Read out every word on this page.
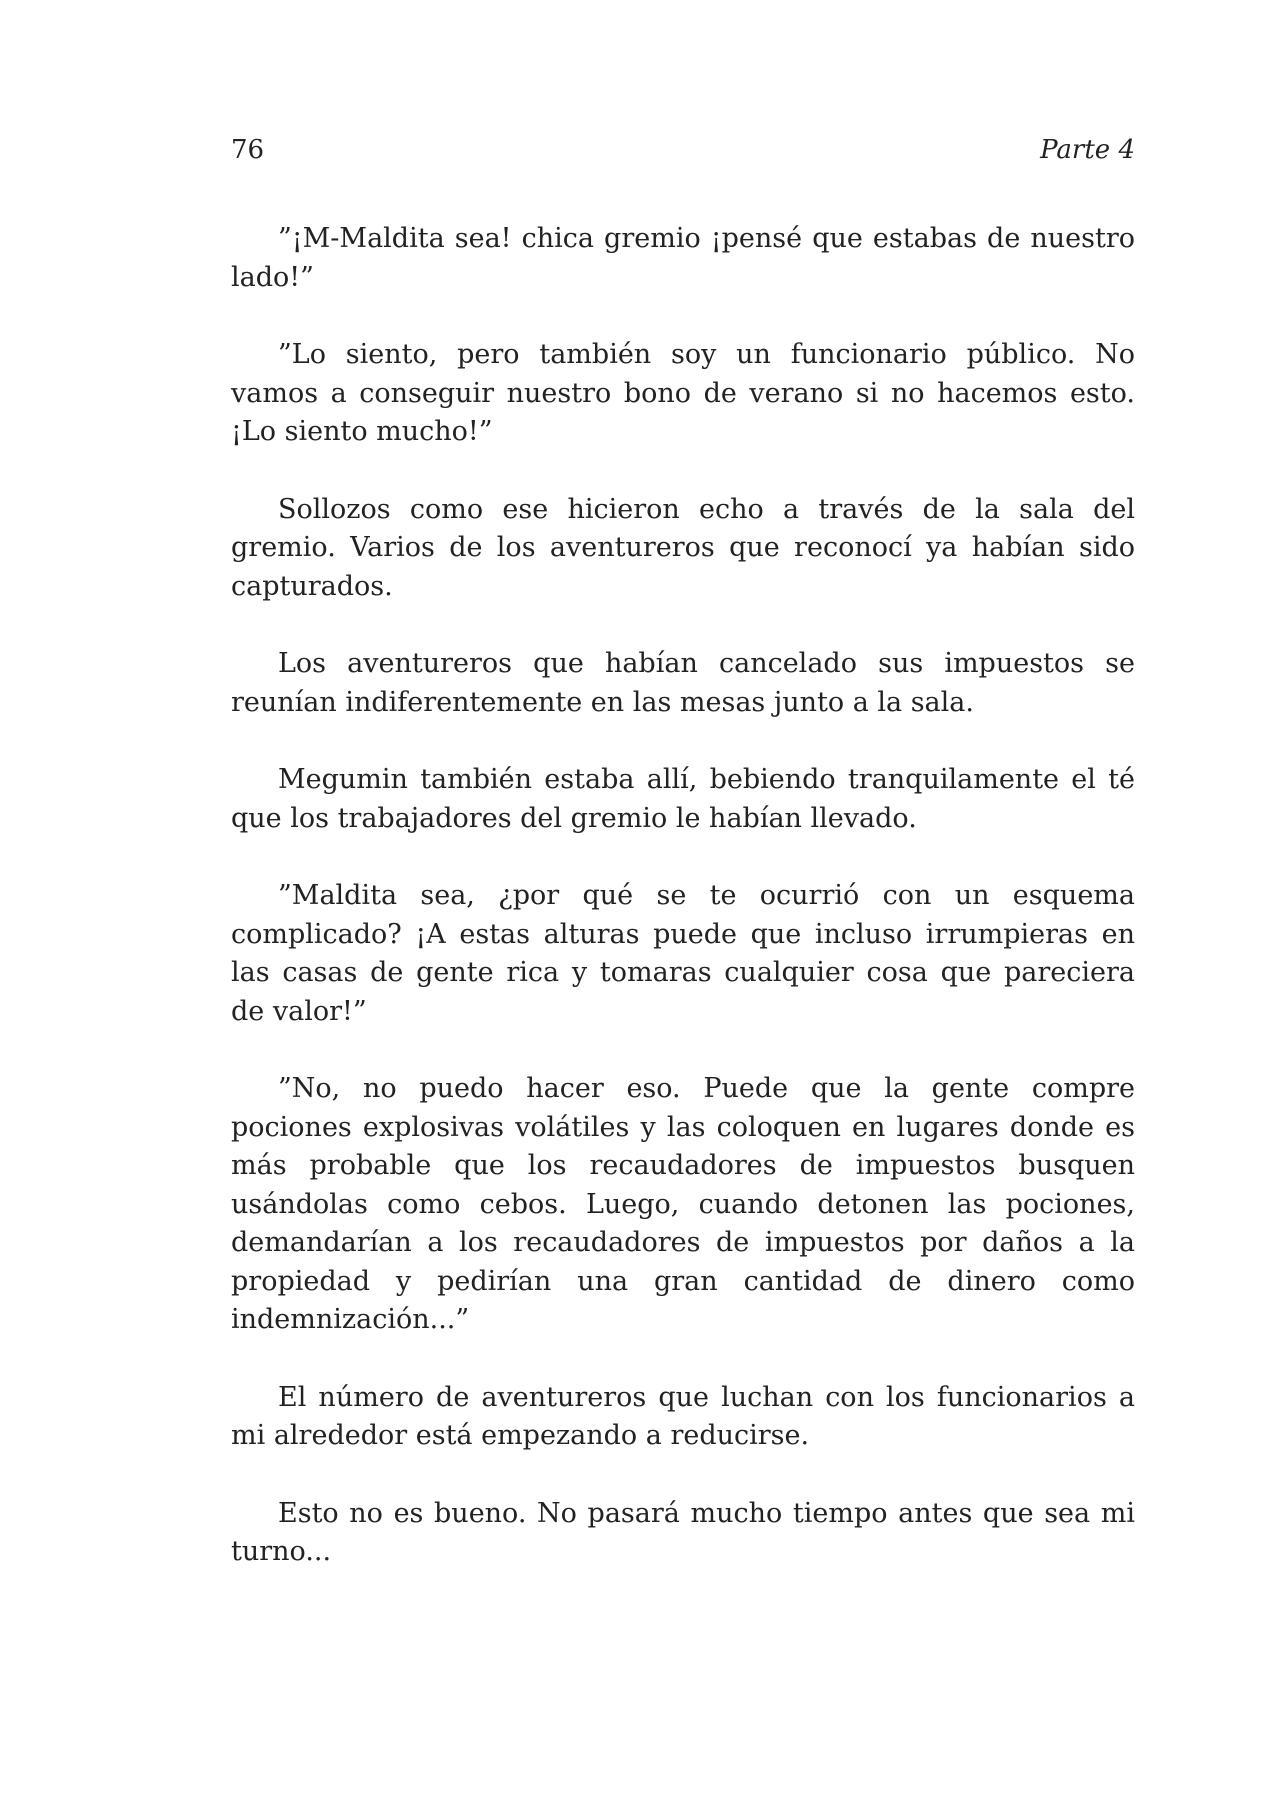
76	Parte 4

”¡M-Maldita sea! chica gremio ¡pensé que estabas de nuestro lado!”

”Lo siento, pero también soy un funcionario público. No vamos a conseguir nuestro bono de verano si no hacemos esto. ¡Lo siento mucho!”

Sollozos como ese hicieron echo a través de la sala del gremio. Varios de los aventureros que reconocí ya habían sido capturados.

Los aventureros que habían cancelado sus impuestos se reunían indiferentemente en las mesas junto a la sala.

Megumin también estaba allí, bebiendo tranquilamente el té que los trabajadores del gremio le habían llevado.

”Maldita sea, ¿por qué se te ocurrió con un esquema complicado? ¡A estas alturas puede que incluso irrumpieras en las casas de gente rica y tomaras cualquier cosa que pareciera de valor!”

”No, no puedo hacer eso. Puede que la gente compre pociones explosivas volátiles y las coloquen en lugares donde es más probable que los recaudadores de impuestos busquen usándolas como cebos. Luego, cuando detonen las pociones, demandarían a los recaudadores de impuestos por daños a la propiedad y pedirían una gran cantidad de dinero como indemnización...”

El número de aventureros que luchan con los funcionarios a mi alrededor está empezando a reducirse.

Esto no es bueno. No pasará mucho tiempo antes que sea mi turno...
